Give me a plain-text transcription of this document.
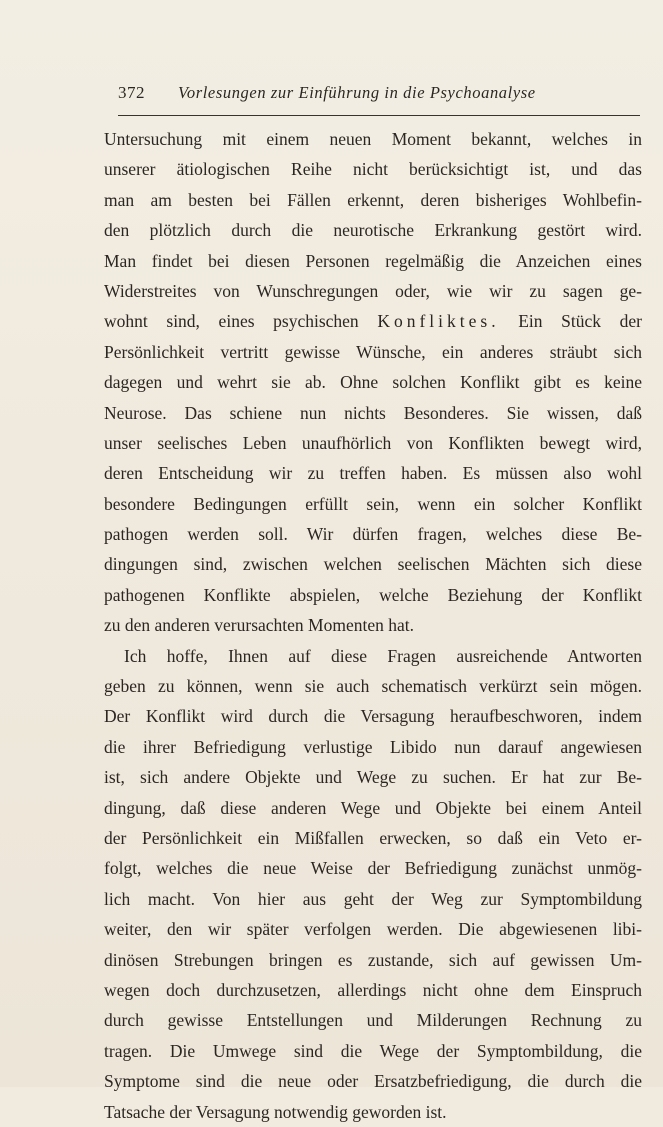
372 Vorlesungen zur Einführung in die Psychoanalyse
Untersuchung mit einem neuen Moment bekannt, welches in
unserer ätiologischen Reihe nicht berücksichtigt ist, und das
man am besten bei Fällen erkennt, deren bisheriges Wohlbefin-
den plötzlich durch die neurotische Erkrankung gestört wird.
Man findet bei diesen Personen regelmäßig die Anzeichen eines
Widerstreites von Wunschregungen oder, wie wir zu sagen ge-
wohnt sind, eines psychischen Konfliktes. Ein Stück der
Persönlichkeit vertritt gewisse Wünsche, ein anderes sträubt sich
dagegen und wehrt sie ab. Ohne solchen Konflikt gibt es keine
Neurose. Das schiene nun nichts Besonderes. Sie wissen, daß
unser seelisches Leben unaufhörlich von Konflikten bewegt wird,
deren Entscheidung wir zu treffen haben. Es müssen also wohl
besondere Bedingungen erfüllt sein, wenn ein solcher Konflikt
pathogen werden soll. Wir dürfen fragen, welches diese Be-
dingungen sind, zwischen welchen seelischen Mächten sich diese
pathogenen Konflikte abspielen, welche Beziehung der Konflikt
zu den anderen verursachten Momenten hat.
Ich hoffe, Ihnen auf diese Fragen ausreichende Antworten
geben zu können, wenn sie auch schematisch verkürzt sein mögen.
Der Konflikt wird durch die Versagung heraufbeschworen, indem
die ihrer Befriedigung verlustige Libido nun darauf angewiesen
ist, sich andere Objekte und Wege zu suchen. Er hat zur Be-
dingung, daß diese anderen Wege und Objekte bei einem Anteil
der Persönlichkeit ein Mißfallen erwecken, so daß ein Veto er-
folgt, welches die neue Weise der Befriedigung zunächst unmög-
lich macht. Von hier aus geht der Weg zur Symptombildung
weiter, den wir später verfolgen werden. Die abgewiesenen libi-
dinösen Strebungen bringen es zustande, sich auf gewissen Um-
wegen doch durchzusetzen, allerdings nicht ohne dem Einspruch
durch gewisse Entstellungen und Milderungen Rechnung zu
tragen. Die Umwege sind die Wege der Symptombildung, die
Symptome sind die neue oder Ersatzbefriedigung, die durch die
Tatsache der Versagung notwendig geworden ist.
